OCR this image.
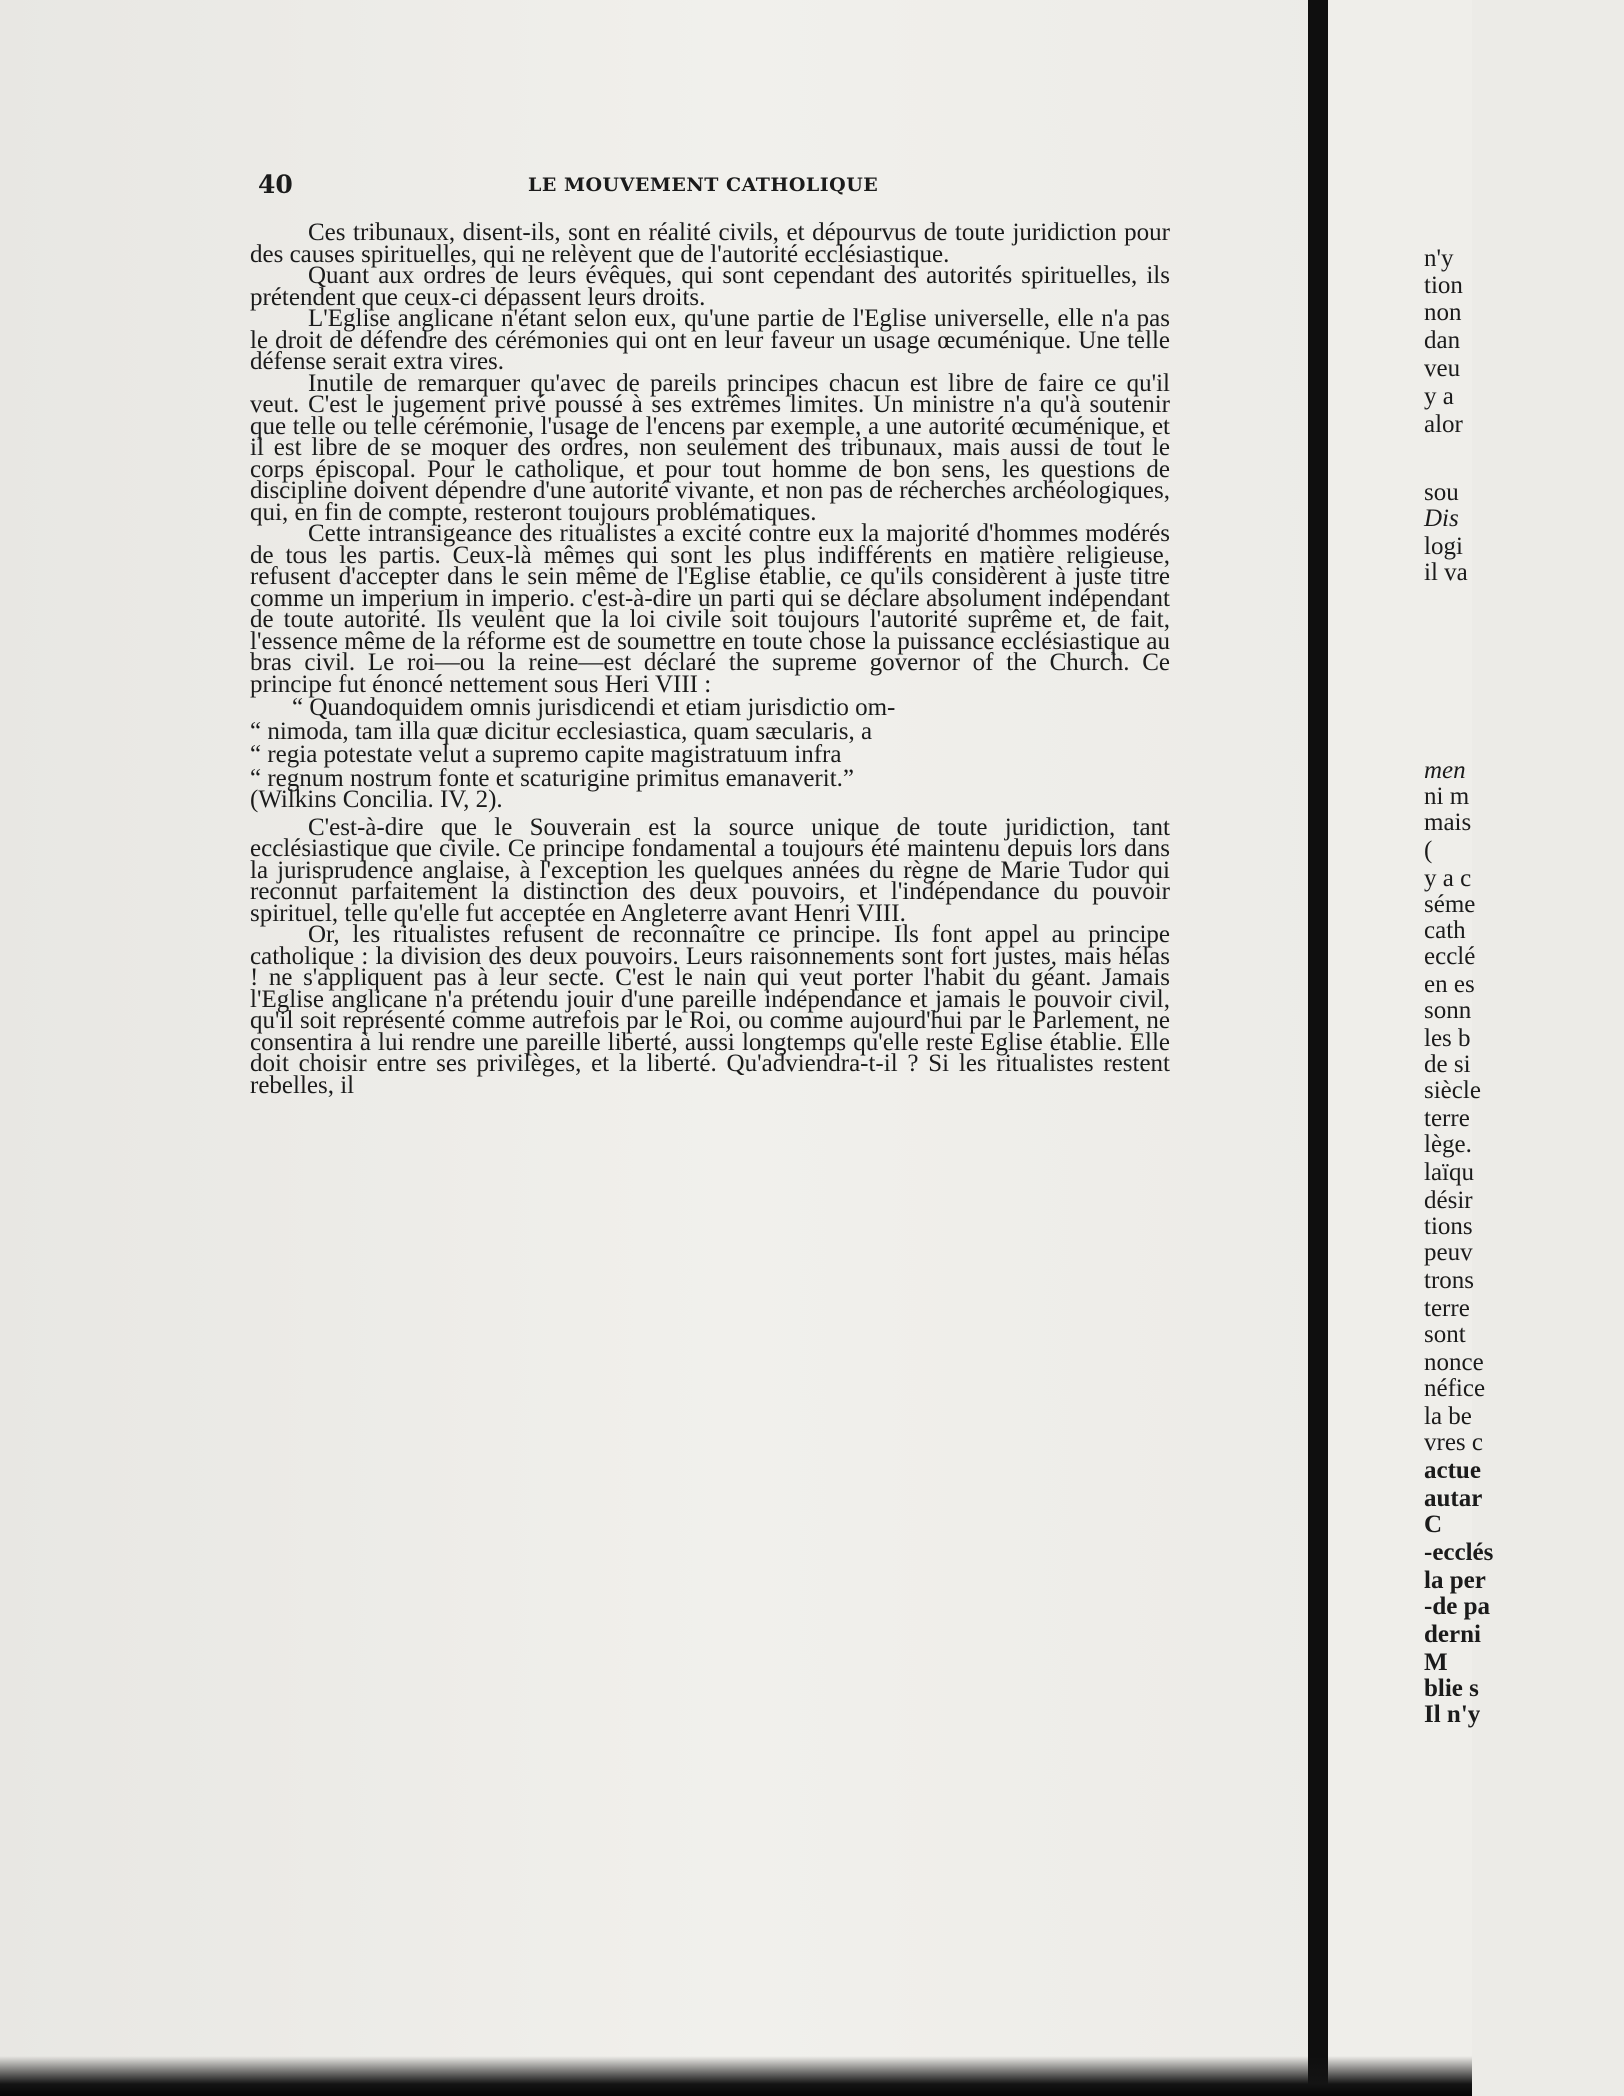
40	LE MOUVEMENT CATHOLIQUE

Ces tribunaux, disent-ils, sont en réalité civils, et dépourvus de toute juridiction pour des causes spirituelles, qui ne relèvent que de l'autorité ecclésiastique.

Quant aux ordres de leurs évêques, qui sont cependant des autorités spirituelles, ils prétendent que ceux-ci dépassent leurs droits.

L'Eglise anglicane n'étant selon eux, qu'une partie de l'Eglise universelle, elle n'a pas le droit de défendre des cérémonies qui ont en leur faveur un usage œcuménique. Une telle défense serait extra vires.

Inutile de remarquer qu'avec de pareils principes chacun est libre de faire ce qu'il veut. C'est le jugement privé poussé à ses extrêmes limites. Un ministre n'a qu'à soutenir que telle ou telle cérémonie, l'usage de l'encens par exemple, a une autorité œcuménique, et il est libre de se moquer des ordres, non seulement des tribunaux, mais aussi de tout le corps épiscopal. Pour le catholique, et pour tout homme de bon sens, les questions de discipline doivent dépendre d'une autorité vivante, et non pas de récherches archéologiques, qui, en fin de compte, resteront toujours problématiques.

Cette intransigeance des ritualistes a excité contre eux la majorité d'hommes modérés de tous les partis. Ceux-là mêmes qui sont les plus indifférents en matière religieuse, refusent d'accepter dans le sein même de l'Eglise établie, ce qu'ils considèrent à juste titre comme un imperium in imperio. c'est-à-dire un parti qui se déclare absolument indépendant de toute autorité. Ils veulent que la loi civile soit toujours l'autorité suprême et, de fait, l'essence même de la réforme est de soumettre en toute chose la puissance ecclésiastique au bras civil. Le roi—ou la reine—est déclaré the supreme governor of the Church. Ce principe fut énoncé nettement sous Heri VIII :

“ Quandoquidem omnis jurisdicendi et etiam jurisdictio om-

“ nimoda, tam illa quæ dicitur ecclesiastica, quam sæcularis, a

“ regia potestate velut a supremo capite magistratuum infra

“ regnum nostrum fonte et scaturigine primitus emanaverit.”

(Wilkins Concilia. IV, 2).

C'est-à-dire que le Souverain est la source unique de toute juridiction, tant ecclésiastique que civile. Ce principe fondamental a toujours été maintenu depuis lors dans la jurisprudence anglaise, à l'exception les quelques années du règne de Marie Tudor qui reconnut parfaitement la distinction des deux pouvoirs, et l'indépendance du pouvoir spirituel, telle qu'elle fut acceptée en Angleterre avant Henri VIII.

Or, les ritualistes refusent de reconnaître ce principe. Ils font appel au principe catholique : la division des deux pouvoirs. Leurs raisonnements sont fort justes, mais hélas ! ne s'appliquent pas à leur secte. C'est le nain qui veut porter l'habit du géant. Jamais l'Eglise anglicane n'a prétendu jouir d'une pareille indépendance et jamais le pouvoir civil, qu'il soit représenté comme autrefois par le Roi, ou comme aujourd'hui par le Parlement, ne consentira à lui rendre une pareille liberté, aussi longtemps qu'elle reste Eglise établie. Elle doit choisir entre ses privilèges, et la liberté. Qu'adviendra-t-il ? Si les ritualistes restent rebelles, il

n'y
tion
non
dan
veu
y a
alor
sou
Dis
logi
il va
men
ni m
mais
(
y a c
séme
cath
ecclé
en es
sonn
les b
de si
siècle
terre
lège.
laïqu
désir
tions
peuv
trons
terre
sont
nonce
néfice
la be
vres c
actue
autar
C
-ecclés
la per
-de pa
derni
M
blie s
Il n'y
